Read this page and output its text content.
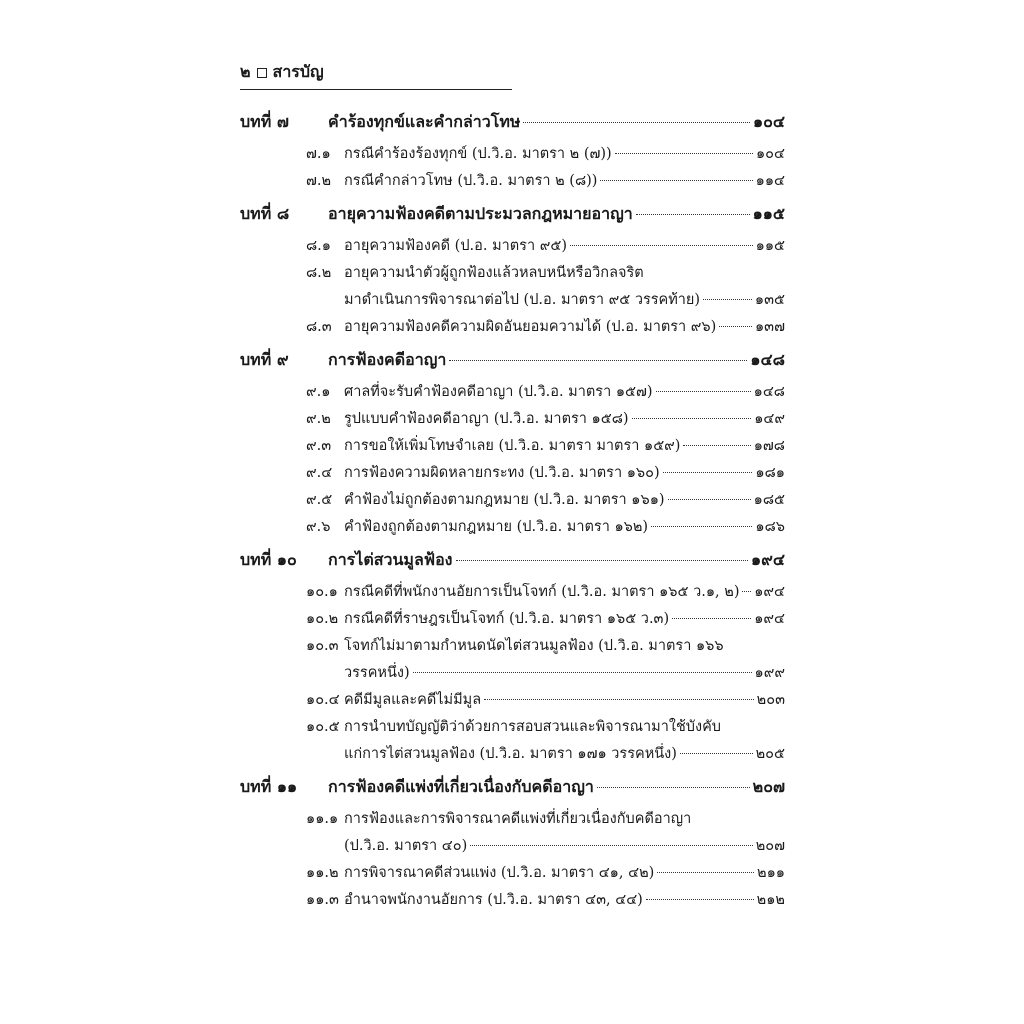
๒ สารบัญ
บทที่ ๗	คำร้องทุกข์และคำกล่าวโทษ	๑๐๔
๗.๑ กรณีคำร้องร้องทุกข์ (ป.วิ.อ. มาตรา ๒ (๗))	๑๐๔
๗.๒ กรณีคำกล่าวโทษ (ป.วิ.อ. มาตรา ๒ (๘))	๑๑๔
บทที่ ๘	อายุความฟ้องคดีตามประมวลกฎหมายอาญา	๑๑๕
๘.๑ อายุความฟ้องคดี (ป.อ. มาตรา ๙๕)	๑๑๕
๘.๒ อายุความนำตัวผู้ถูกฟ้องแล้วหลบหนีหรือวิกลจริต
มาดำเนินการพิจารณาต่อไป (ป.อ. มาตรา ๙๕ วรรคท้าย)	๑๓๕
๘.๓ อายุความฟ้องคดีความผิดอันยอมความได้ (ป.อ. มาตรา ๙๖)	๑๓๗
บทที่ ๙	การฟ้องคดีอาญา	๑๔๘
๙.๑ ศาลที่จะรับคำฟ้องคดีอาญา (ป.วิ.อ. มาตรา ๑๕๗)	๑๔๘
๙.๒ รูปแบบคำฟ้องคดีอาญา (ป.วิ.อ. มาตรา ๑๕๘)	๑๔๙
๙.๓ การขอให้เพิ่มโทษจำเลย (ป.วิ.อ. มาตรา มาตรา ๑๕๙)	๑๗๘
๙.๔ การฟ้องความผิดหลายกระทง (ป.วิ.อ. มาตรา ๑๖๐)	๑๘๑
๙.๕ คำฟ้องไม่ถูกต้องตามกฎหมาย (ป.วิ.อ. มาตรา ๑๖๑)	๑๘๕
๙.๖ คำฟ้องถูกต้องตามกฎหมาย (ป.วิ.อ. มาตรา ๑๖๒)	๑๘๖
บทที่ ๑๐	การไต่สวนมูลฟ้อง	๑๙๔
๑๐.๑ กรณีคดีที่พนักงานอัยการเป็นโจทก์ (ป.วิ.อ. มาตรา ๑๖๕ ว.๑, ๒) ๑๙๔
๑๐.๒ กรณีคดีที่ราษฎรเป็นโจทก์ (ป.วิ.อ. มาตรา ๑๖๕ ว.๓)	๑๙๔
๑๐.๓ โจทก์ไม่มาตามกำหนดนัดไต่สวนมูลฟ้อง (ป.วิ.อ. มาตรา ๑๖๖
วรรคหนึ่ง)	๑๙๙
๑๐.๔ คดีมีมูลและคดีไม่มีมูล	๒๐๓
๑๐.๕ การนำบทบัญญัติว่าด้วยการสอบสวนและพิจารณามาใช้บังคับ
แก่การไต่สวนมูลฟ้อง (ป.วิ.อ. มาตรา ๑๗๑ วรรคหนึ่ง)	๒๐๕
บทที่ ๑๑	การฟ้องคดีแพ่งที่เกี่ยวเนื่องกับคดีอาญา	๒๐๗
๑๑.๑ การฟ้องและการพิจารณาคดีแพ่งที่เกี่ยวเนื่องกับคดีอาญา
(ป.วิ.อ. มาตรา ๔๐)	๒๐๗
๑๑.๒ การพิจารณาคดีส่วนแพ่ง (ป.วิ.อ. มาตรา ๔๑, ๔๒)	๒๑๑
๑๑.๓ อำนาจพนักงานอัยการ (ป.วิ.อ. มาตรา ๔๓, ๔๔)	๒๑๒
